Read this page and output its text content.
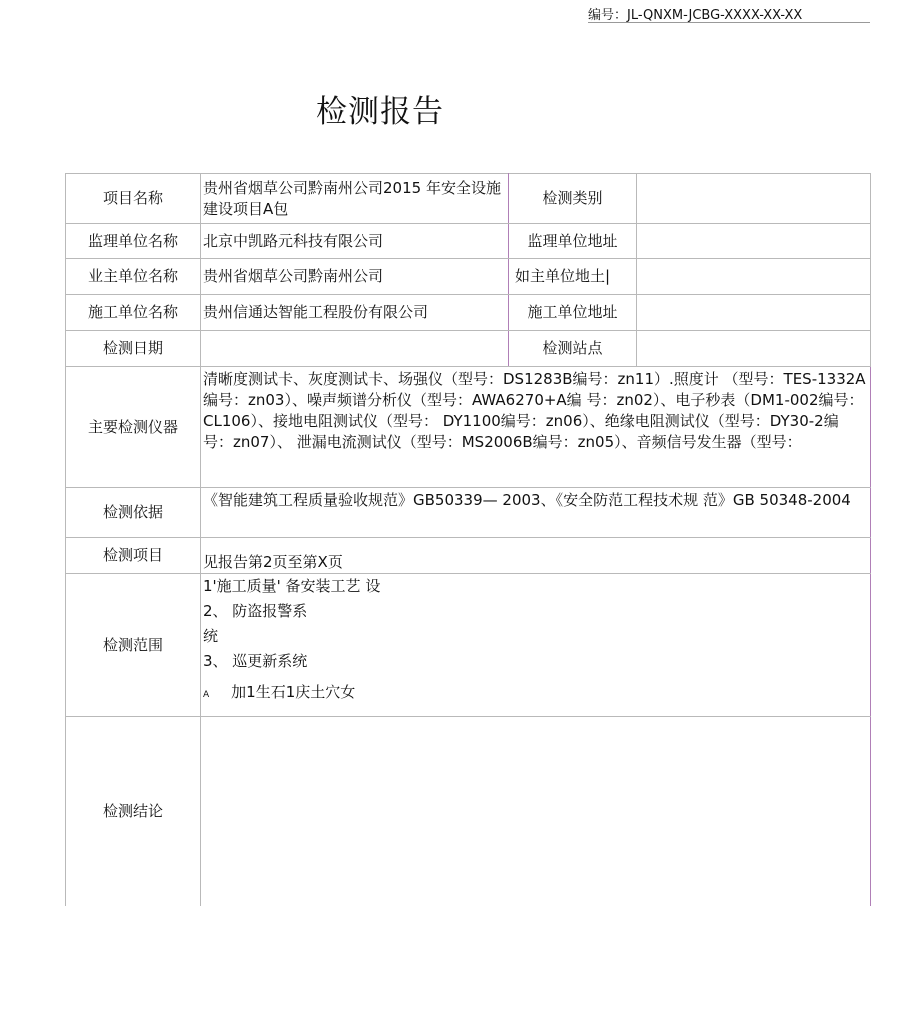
编号：JL-QNXM-JCBG-XXXX-XX-XX
检测报告
项目名称	贵州省烟草公司黔南州公司2015 年安全设施建设项目A包	检测类别	
监理单位名称	北京中凯路元科技有限公司	监理单位地址	
业主单位名称	贵州省烟草公司黔南州公司	如主单位地土|	
施工单位名称	贵州信通达智能工程股份有限公司	施工单位地址	
检测日期		检测站点	
主要检测仪器	清晰度测试卡、灰度测试卡、场强仪（型号：DS1283B编号：zn11）.照度计 （型号：TES-1332A编号：zn03）、噪声频谱分析仪（型号：AWA6270+A编 号：zn02）、电子秒表（DM1-002编号：CL106）、接地电阻测试仪（型号： DY1100编号：zn06）、绝缘电阻测试仪（型号：DY30-2编号：zn07）、 泄漏电流测试仪（型号：MS2006B编号：zn05）、音频信号发生器（型号：		
检测依据	《智能建筑工程质量验收规范》GB50339— 2003、《安全防范工程技术规 范》GB 50348-2004		
检测项目	见报告第2页至第X页		
检测范围	1'施工质量' 备安装工艺 设
2、 防盗报警系
统
3、 巡更新系统
A 加1生石1庆土穴女		

检测结论			
